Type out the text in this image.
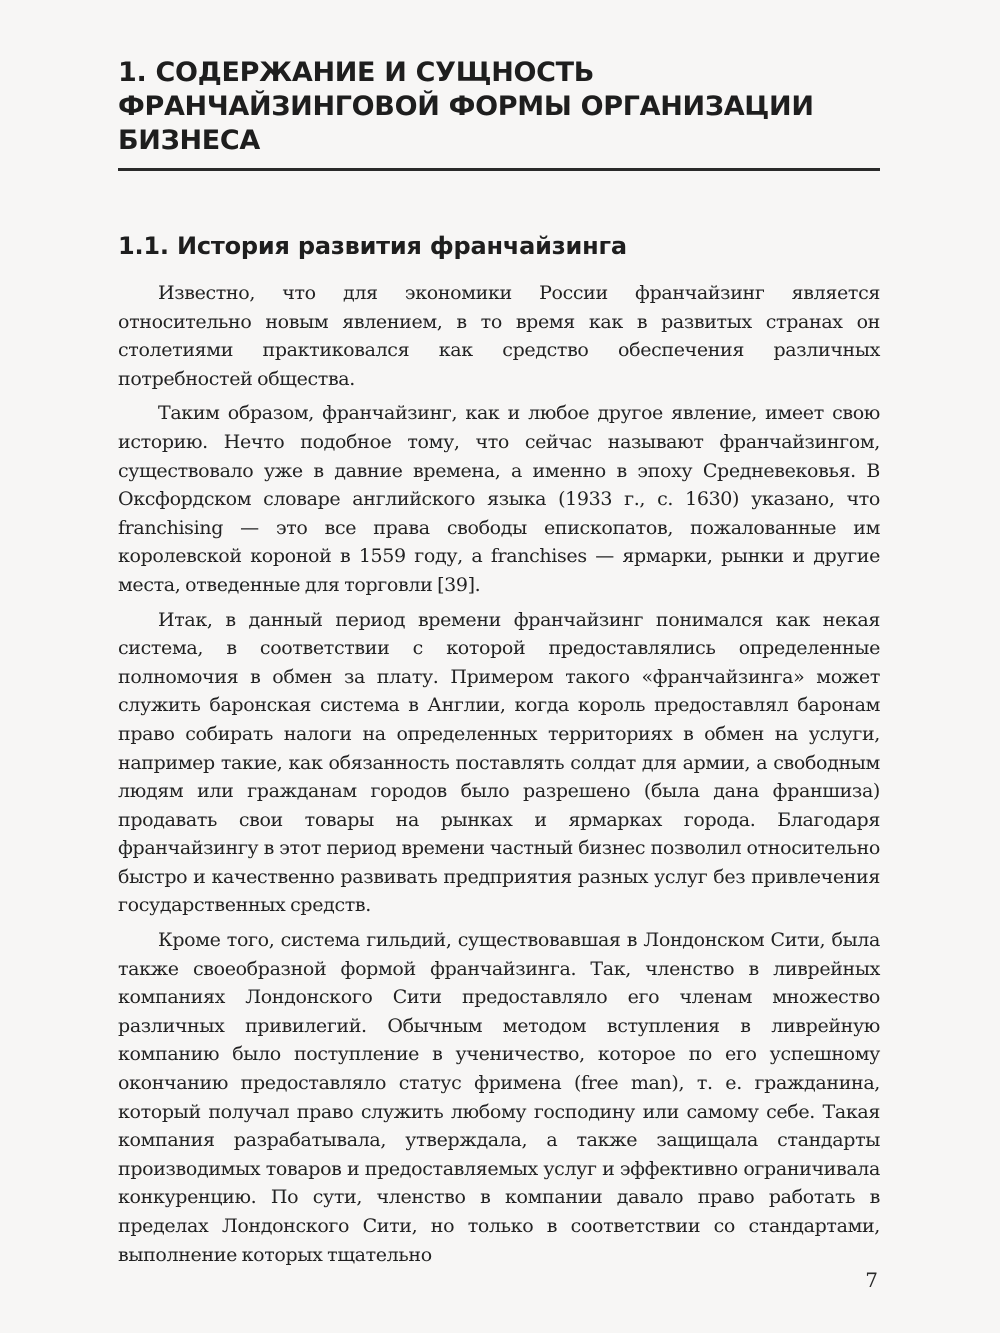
1. СОДЕРЖАНИЕ И СУЩНОСТЬ ФРАНЧАЙЗИНГОВОЙ ФОРМЫ ОРГАНИЗАЦИИ БИЗНЕСА
1.1. История развития франчайзинга

Известно, что для экономики России франчайзинг является относительно новым явлением, в то время как в развитых странах он столетиями практиковался как средство обеспечения различных потребностей общества.

Таким образом, франчайзинг, как и любое другое явление, имеет свою историю. Нечто подобное тому, что сейчас называют франчайзингом, существовало уже в давние времена, а именно в эпоху Средневековья. В Оксфордском словаре английского языка (1933 г., с. 1630) указано, что franchising — это все права свободы епископатов, пожалованные им королевской короной в 1559 году, а franchises — ярмарки, рынки и другие места, отведенные для торговли [39].

Итак, в данный период времени франчайзинг понимался как некая система, в соответствии с которой предоставлялись определенные полномочия в обмен за плату. Примером такого «франчайзинга» может служить баронская система в Англии, когда король предоставлял баронам право собирать налоги на определенных территориях в обмен на услуги, например такие, как обязанность поставлять солдат для армии, а свободным людям или гражданам городов было разрешено (была дана франшиза) продавать свои товары на рынках и ярмарках города. Благодаря франчайзингу в этот период времени частный бизнес позволил относительно быстро и качественно развивать предприятия разных услуг без привлечения государственных средств.

Кроме того, система гильдий, существовавшая в Лондонском Сити, была также своеобразной формой франчайзинга. Так, членство в ливрейных компаниях Лондонского Сити предоставляло его членам множество различных привилегий. Обычным методом вступления в ливрейную компанию было поступление в ученичество, которое по его успешному окончанию предоставляло статус фримена (free man), т. е. гражданина, который получал право служить любому господину или самому себе. Такая компания разрабатывала, утверждала, а также защищала стандарты производимых товаров и предоставляемых услуг и эффективно ограничивала конкуренцию. По сути, членство в компании давало право работать в пределах Лондонского Сити, но только в соответствии со стандартами, выполнение которых тщательно

7
